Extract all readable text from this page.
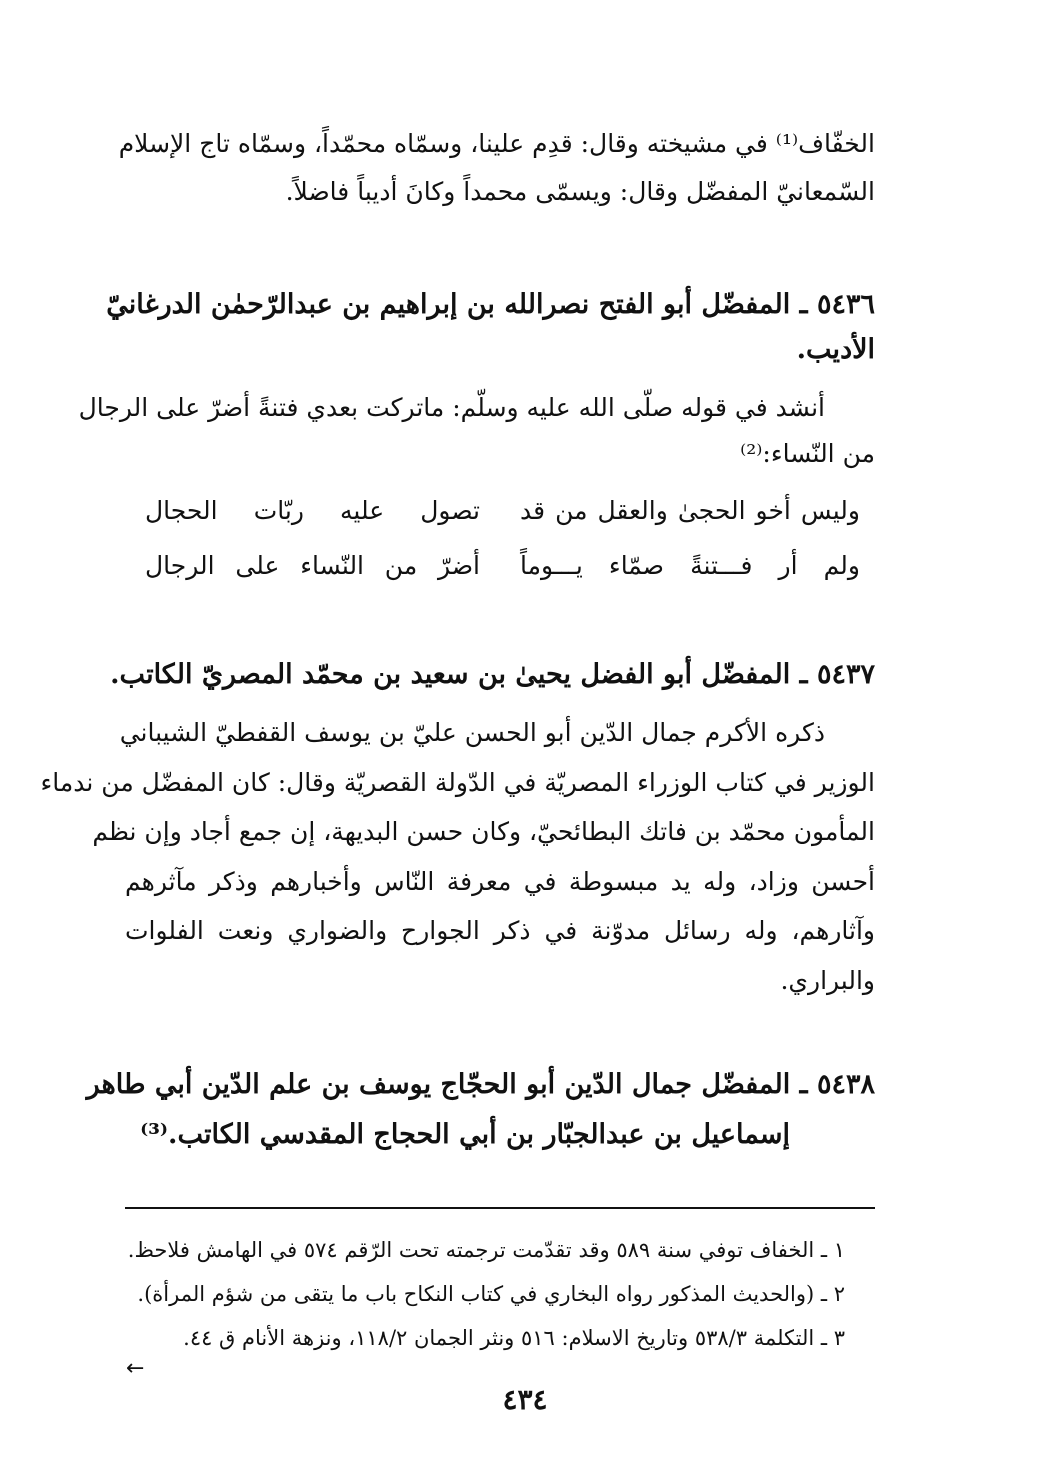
الخفّاف⁽¹⁾ في مشيخته وقال: قدِم علينا، وسمّاه محمّداً، وسمّاه تاج الإسلام
السّمعانيّ المفضّل وقال: ويسمّى محمداً وكانَ أديباً فاضلاً.
٥٤٣٦ ـ المفضّل أبو الفتح نصرالله بن إبراهيم بن عبدالرّحمٰن الدرغانيّ
الأديب.
أنشد في قوله صلّى الله عليه وسلّم: ماتركت بعدي فتنةً أضرّ على الرجال
من النّساء:⁽²⁾
وليس أخو الحجىٰ والعقل من قد
تصول عليه ربّات الحجال
ولم أر فـــتنةً صمّاء يـــوماً
أضرّ من النّساء على الرجال
٥٤٣٧ ـ المفضّل أبو الفضل يحيىٰ بن سعيد بن محمّد المصريّ الكاتب.
ذكره الأكرم جمال الدّين أبو الحسن عليّ بن يوسف القفطيّ الشيباني
الوزير في كتاب الوزراء المصريّة في الدّولة القصريّة وقال: كان المفضّل من ندماء
المأمون محمّد بن فاتك البطائحيّ، وكان حسن البديهة، إن جمع أجاد وإن نظم
أحسن وزاد، وله يد مبسوطة في معرفة النّاس وأخبارهم وذكر مآثرهم
وآثارهم، وله رسائل مدوّنة في ذكر الجوارح والضواري ونعت الفلوات
والبراري.
٥٤٣٨ ـ المفضّل جمال الدّين أبو الحجّاج يوسف بن علم الدّين أبي طاهر
إسماعيل بن عبدالجبّار بن أبي الحجاج المقدسي الكاتب.⁽³⁾
١ ـ الخفاف توفي سنة ٥٨٩ وقد تقدّمت ترجمته تحت الرّقم ٥٧٤ في الهامش فلاحظ.
٢ ـ (والحديث المذكور رواه البخاري في كتاب النكاح باب ما يتقى من شؤم المرأة).
٣ ـ التكلمة ٥٣٨/٣ وتاريخ الاسلام: ٥١٦ ونثر الجمان ١١٨/٢، ونزهة الأنام ق ٤٤.
←
٤٣٤
